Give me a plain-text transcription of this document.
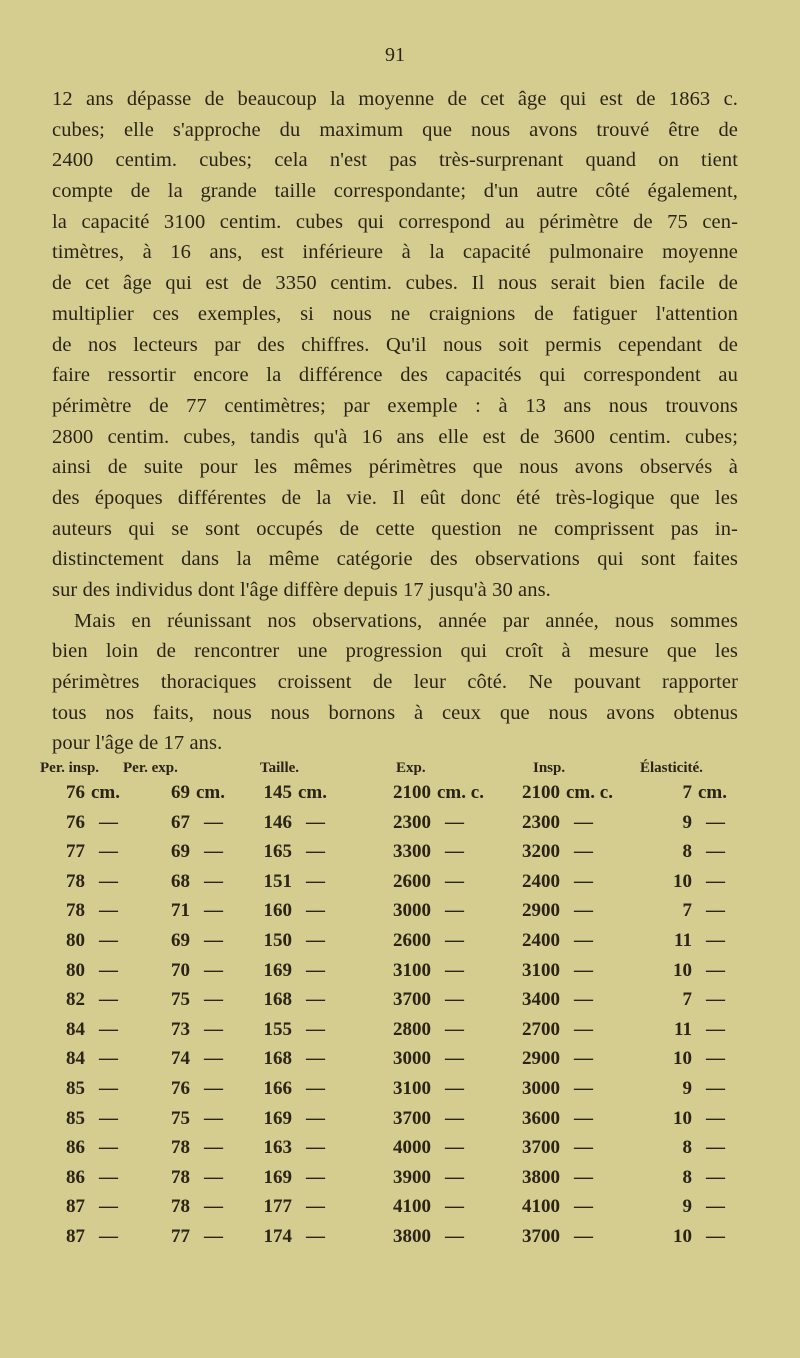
91
12 ans dépasse de beaucoup la moyenne de cet âge qui est de 1863 c.
cubes; elle s'approche du maximum que nous avons trouvé être de
2400 centim. cubes; cela n'est pas très-surprenant quand on tient
compte de la grande taille correspondante; d'un autre côté également,
la capacité 3100 centim. cubes qui correspond au périmètre de 75 cen-
timètres, à 16 ans, est inférieure à la capacité pulmonaire moyenne
de cet âge qui est de 3350 centim. cubes. Il nous serait bien facile de
multiplier ces exemples, si nous ne craignions de fatiguer l'attention
de nos lecteurs par des chiffres. Qu'il nous soit permis cependant de
faire ressortir encore la différence des capacités qui correspondent au
périmètre de 77 centimètres; par exemple : à 13 ans nous trouvons
2800 centim. cubes, tandis qu'à 16 ans elle est de 3600 centim. cubes;
ainsi de suite pour les mêmes périmètres que nous avons observés à
des époques différentes de la vie. Il eût donc été très-logique que les
auteurs qui se sont occupés de cette question ne comprissent pas in-
distinctement dans la même catégorie des observations qui sont faites
sur des individus dont l'âge diffère depuis 17 jusqu'à 30 ans.
Mais en réunissant nos observations, année par année, nous sommes
bien loin de rencontrer une progression qui croît à mesure que les
périmètres thoraciques croissent de leur côté. Ne pouvant rapporter
tous nos faits, nous nous bornons à ceux que nous avons obtenus
pour l'âge de 17 ans.
Per. insp. Per. exp.	Taille.	Exp.	Insp.	Élasticité.
76 cm.	69 cm.	145 cm.	2100 cm. c.	2100 cm. c.	7 cm.
76 —	67 —	146 —	2300 —	2300 —	9 —
77 —	69 —	165 —	3300 —	3200 —	8 —
78 —	68 —	151 —	2600 —	2400 —	10 —
78 —	71 —	160 —	3000 —	2900 —	7 —
80 —	69 —	150 —	2600 —	2400 —	11 —
80 —	70 —	169 —	3100 —	3100 —	10 —
82 —	75 —	168 —	3700 —	3400 —	7 —
84 —	73 —	155 —	2800 —	2700 —	11 —
84 —	74 —	168 —	3000 —	2900 —	10 —
85 —	76 —	166 —	3100 —	3000 —	9 —
85 —	75 —	169 —	3700 —	3600 —	10 —
86 —	78 —	163 —	4000 —	3700 —	8 —
86 —	78 —	169 —	3900 —	3800 —	8 —
87 —	78 —	177 —	4100 —	4100 —	9 —
87 —	77 —	174 —	3800 —	3700 —	10 —
